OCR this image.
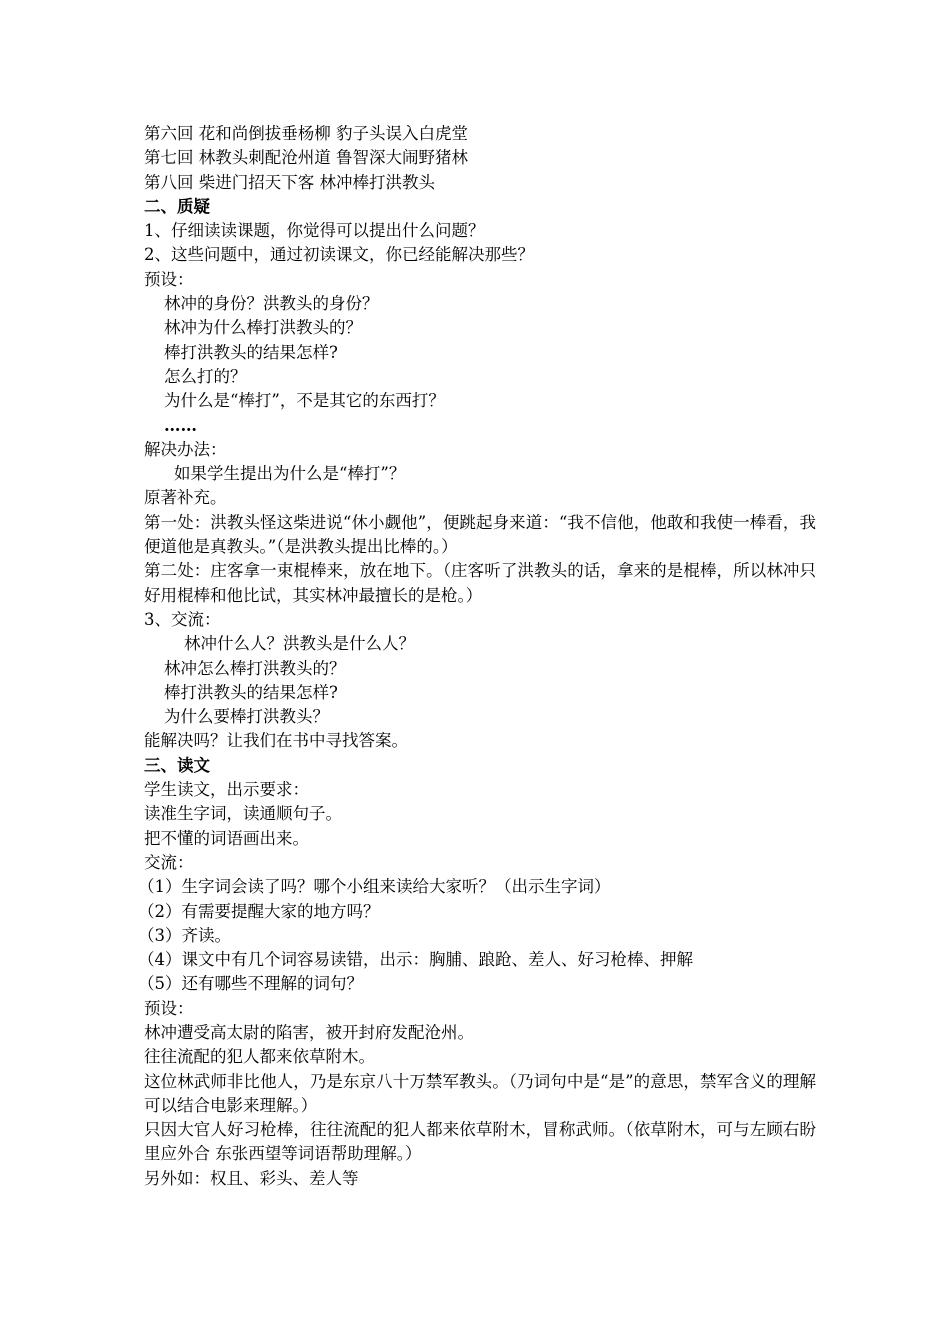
第六回 花和尚倒拔垂杨柳 豹子头误入白虎堂
第七回 林教头刺配沧州道 鲁智深大闹野猪林
第八回 柴进门招天下客 林冲棒打洪教头
二、质疑
1、仔细读读课题，你觉得可以提出什么问题？
2、这些问题中，通过初读课文，你已经能解决那些？
预设：
林冲的身份？洪教头的身份？
林冲为什么棒打洪教头的？
棒打洪教头的结果怎样?
怎么打的？
为什么是“棒打”，不是其它的东西打？
……
解决办法：
如果学生提出为什么是“棒打”？
原著补充。
第一处：洪教头怪这柴进说“休小觑他”，便跳起身来道：“我不信他，他敢和我使一棒看，我便道他是真教头。”（是洪教头提出比棒的。）
第二处：庄客拿一束棍棒来，放在地下。（庄客听了洪教头的话，拿来的是棍棒，所以林冲只好用棍棒和他比试，其实林冲最擅长的是枪。）
3、交流：
林冲什么人？洪教头是什么人？
林冲怎么棒打洪教头的？
棒打洪教头的结果怎样?
为什么要棒打洪教头？
能解决吗？让我们在书中寻找答案。
三、读文
学生读文，出示要求：
读准生字词，读通顺句子。
把不懂的词语画出来。
交流：
（1）生字词会读了吗？哪个小组来读给大家听？（出示生字词）
（2）有需要提醒大家的地方吗？
（3）齐读。
（4）课文中有几个词容易读错，出示：胸脯、踉跄、差人、好习枪棒、押解
（5）还有哪些不理解的词句？
预设：
林冲遭受高太尉的陷害，被开封府发配沧州。
往往流配的犯人都来依草附木。
这位林武师非比他人，乃是东京八十万禁军教头。（乃词句中是“是”的意思，禁军含义的理解可以结合电影来理解。）
只因大官人好习枪棒，往往流配的犯人都来依草附木，冒称武师。（依草附木，可与左顾右盼 里应外合 东张西望等词语帮助理解。）
另外如：权且、彩头、差人等
